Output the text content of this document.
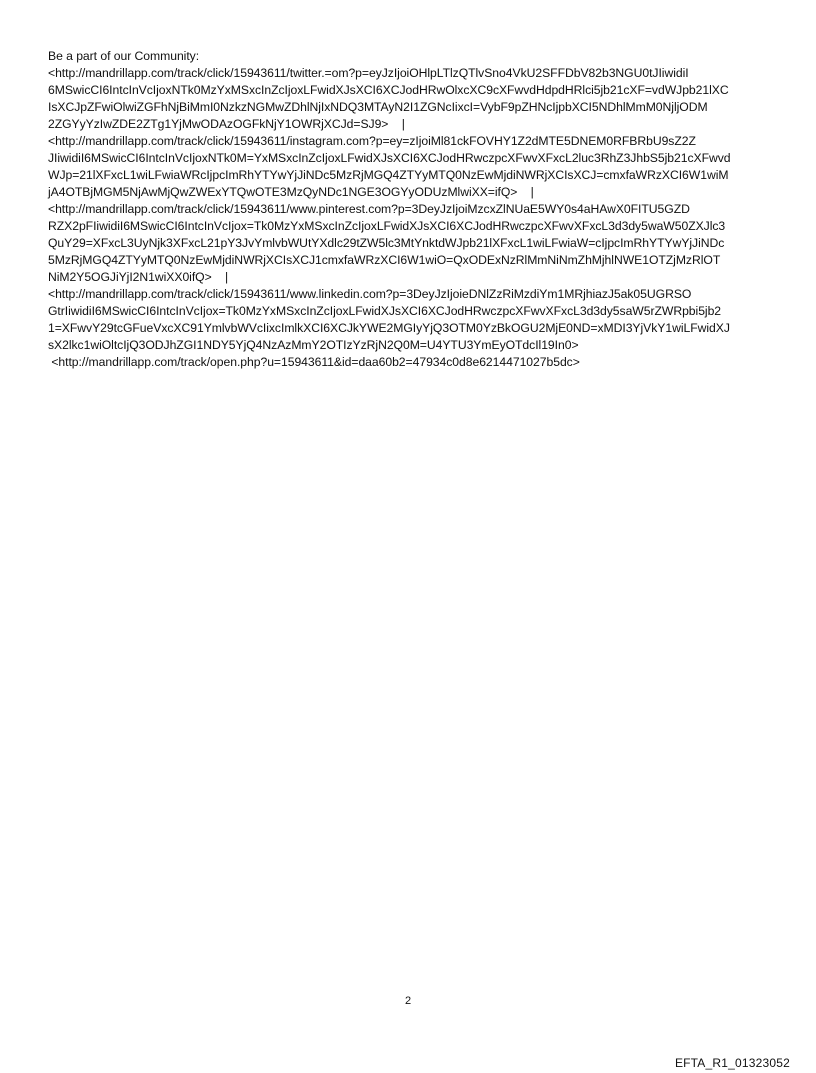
Be a part of our Community:
<http://mandrillapp.com/track/click/15943611/twitter.=om?p=eyJzIjoiOHlpLTlzQTlvSno4VkU2SFFDbV82b3NGU0tJIiwidiI
6MSwicCI6IntcInVcIjoxNTk0MzYxMSxcInZcIjoxLFwidXJsXCI6XCJodHRwOlxcXC9cXFwvdHdpdHRlci5jb21cXF=vdWJpb21lXC
IsXCJpZFwiOlwiZGFhNjBiMmI0NzkzNGMwZDhlNjIxNDQ3MTAyN2I1ZGNcIixcI=VybF9pZHNcIjpbXCI5NDhlMmM0NjljODM
2ZGYyYzIwZDE2ZTg1YjMwODAzOGFkNjY1OWRjXCJd=SJ9>    |
<http://mandrillapp.com/track/click/15943611/instagram.com?p=ey=zIjoiMl81ckFOVHY1Z2dMTE5DNEM0RFBRbU9sZ2Z
JIiwidiI6MSwicCI6IntcInVcIjoxNTk0M=YxMSxcInZcIjoxLFwidXJsXCI6XCJodHRwczpcXFwvXFxcL2luc3RhZ3JhbS5jb21cXFwvd
WJp=21lXFxcL1wiLFwiaWRcIjpcImRhYTYwYjJiNDc5MzRjMGQ4ZTYyMTQ0NzEwMjdiNWRjXCIsXCJ=cmxfaWRzXCI6W1wiM
jA4OTBjMGM5NjAwMjQwZWExYTQwOTE3MzQyNDc1NGE3OGYyODUzMlwiXX=ifQ>    |
<http://mandrillapp.com/track/click/15943611/www.pinterest.com?p=3DeyJzIjoiMzcxZlNUaE5WY0s4aHAwX0FITU5GZD
RZX2pFIiwidiI6MSwicCI6IntcInVcIjox=Tk0MzYxMSxcInZcIjoxLFwidXJsXCI6XCJodHRwczpcXFwvXFxcL3d3dy5waW50ZXJlc3
QuY29=XFxcL3UyNjk3XFxcL21pY3JvYmlvbWUtYXdlc29tZW5lc3MtYnktdWJpb21lXFxcL1wiLFwiaW=cIjpcImRhYTYwYjJiNDc
5MzRjMGQ4ZTYyMTQ0NzEwMjdiNWRjXCIsXCJ1cmxfaWRzXCI6W1wiO=QxODExNzRlMmNiNmZhMjhlNWE1OTZjMzRlOT
NiM2Y5OGJiYjI2N1wiXX0ifQ>    |
<http://mandrillapp.com/track/click/15943611/www.linkedin.com?p=3DeyJzIjoieDNlZzRiMzdiYm1MRjhiazJ5ak05UGRSO
GtrIiwidiI6MSwicCI6IntcInVcIjox=Tk0MzYxMSxcInZcIjoxLFwidXJsXCI6XCJodHRwczpcXFwvXFxcL3d3dy5saW5rZWRpbi5jb2
1=XFwvY29tcGFueVxcXC91YmlvbWVcIixcImlkXCI6XCJkYWE2MGIyYjQ3OTM0YzBkOGU2MjE0ND=xMDI3YjVkY1wiLFwidXJ
sX2lkc1wiOltcIjQ3ODJhZGI1NDY5YjQ4NzAzMmY2OTIzYzRjN2Q0M=U4YTU3YmEyOTdcIl19In0>
<http://mandrillapp.com/track/open.php?u=15943611&id=daa60b2=47934c0d8e6214471027b5dc>
2
EFTA_R1_01323052
